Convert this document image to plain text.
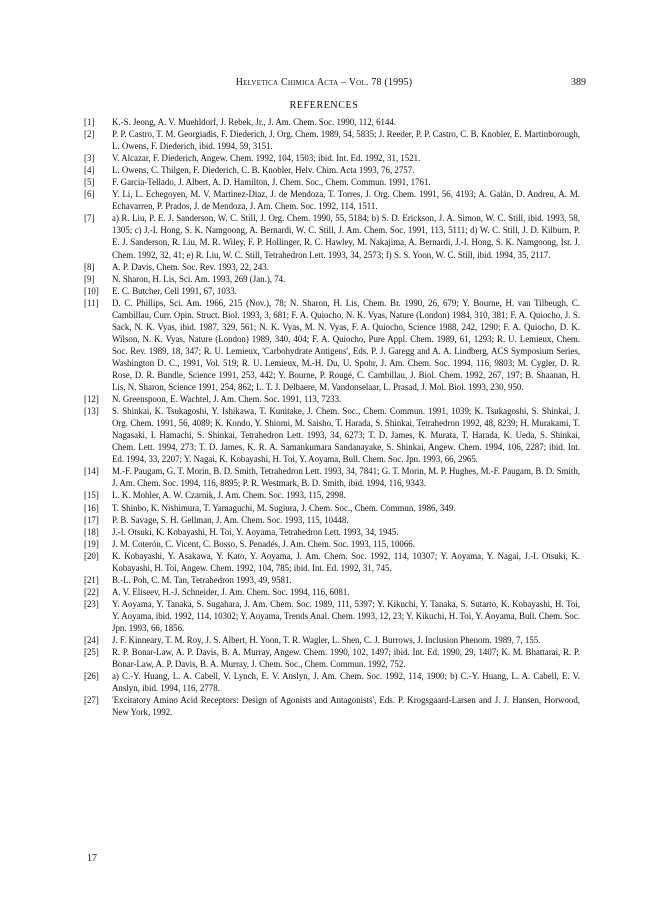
Helvetica Chimica Acta – Vol. 78 (1995)	389
REFERENCES
[1] K.-S. Jeong, A. V. Muehldorf, J. Rebek, Jr., J. Am. Chem. Soc. 1990, 112, 6144.
[2] P. P. Castro, T. M. Georgiadis, F. Diederich, J. Org. Chem. 1989, 54, 5835; J. Reeder, P. P. Castro, C. B. Knobler, E. Martinborough, L. Owens, F. Diederich, ibid. 1994, 59, 3151.
[3] V. Alcazar, F. Diederich, Angew. Chem. 1992, 104, 1503; ibid. Int. Ed. 1992, 31, 1521.
[4] L. Owens, C. Thilgen, F. Diederich, C. B. Knobler, Helv. Chim. Acta 1993, 76, 2757.
[5] F. Garcia-Tellado, J. Albert, A. D. Hamilton, J. Chem. Soc., Chem. Commun. 1991, 1761.
[6] Y. Li, L. Echegoyen, M. V. Martinez-Diaz, J. de Mendoza, T. Torres, J. Org. Chem. 1991, 56, 4193; A. Galán, D. Andreu, A. M. Echavarren, P. Prados, J. de Mendoza, J. Am. Chem. Soc. 1992, 114, 1511.
[7] a) R. Liu, P. E. J. Sanderson, W. C. Still, J. Org. Chem. 1990, 55, 5184; b) S. D. Erickson, J. A. Simon, W. C. Still, ibid. 1993, 58, 1305; c) J.-I. Hong, S. K. Namgoong, A. Bernardi, W. C. Still, J. Am. Chem. Soc. 1991, 113, 5111; d) W. C. Still, J. D. Kilburn, P. E. J. Sanderson, R. Liu, M. R. Wiley, F. P. Hollinger, R. C. Hawley, M. Nakajima, A. Bernardi, J.-I. Hong, S. K. Namgoong, Isr. J. Chem. 1992, 32, 41; e) R. Liu, W. C. Still, Tetrahedron Lett. 1993, 34, 2573; f) S. S. Yoon, W. C. Still, ibid. 1994, 35, 2117.
[8] A. P. Davis, Chem. Soc. Rev. 1993, 22, 243.
[9] N. Sharon, H. Lis, Sci. Am. 1993, 269 (Jan.), 74.
[10] E. C. Butcher, Cell 1991, 67, 1033.
[11] D. C. Phillips, Sci. Am. 1966, 215 (Nov.), 78; N. Sharon, H. Lis, Chem. Br. 1990, 26, 679; Y. Bourne, H. van Tilbeugh, C. Cambillau, Curr. Opin. Struct. Biol. 1993, 3, 681; F. A. Quiocho, N. K. Vyas, Nature (London) 1984, 310, 381; F. A. Quiocho, J. S. Sack, N. K. Vyas, ibid. 1987, 329, 561; N. K. Vyas, M. N. Vyas, F. A. Quiocho, Science 1988, 242, 1290; F. A. Quiocho, D. K. Wilson, N. K. Vyas, Nature (London) 1989, 340, 404; F. A. Quiocho, Pure Appl. Chem. 1989, 61, 1293; R. U. Lemieux, Chem. Soc. Rev. 1989, 18, 347; R. U. Lemieux, 'Carbohydrate Antigens', Eds. P. J. Garegg and A. A. Lindberg, ACS Symposium Series, Washington D. C., 1991, Vol. 519; R. U. Lemieux, M.-H. Du, U. Spohr, J. Am. Chem. Soc. 1994, 116, 9803; M. Cygler, D. R. Rose, D. R. Bundle, Science 1991, 253, 442; Y. Bourne, P. Rougé, C. Cambillau, J. Biol. Chem. 1992, 267, 197; B. Shaanan, H. Lis, N. Sharon, Science 1991, 254, 862; L. T. J. Delbaere, M. Vandonselaar, L. Prasad, J. Mol. Biol. 1993, 230, 950.
[12] N. Greenspoon, E. Wachtel, J. Am. Chem. Soc. 1991, 113, 7233.
[13] S. Shinkai, K. Tsukagoshi, Y. Ishikawa, T. Kunitake, J. Chem. Soc., Chem. Commun. 1991, 1039; K. Tsukagoshi, S. Shinkai, J. Org. Chem. 1991, 56, 4089; K. Kondo, Y. Shiomi, M. Saisho, T. Harada, S. Shinkai, Tetrahedron 1992, 48, 8239; H. Murakami, T. Nagasaki, I. Hamachi, S. Shinkai, Tetrahedron Lett. 1993, 34, 6273; T. D. James, K. Murata, T. Harada, K. Ueda, S. Shinkai, Chem. Lett. 1994, 273; T. D. James, K. R. A. Samankumara Sandanayake, S. Shinkai, Angew. Chem. 1994, 106, 2287; ibid. Int. Ed. 1994, 33, 2207; Y. Nagai, K. Kobayashi, H. Toi, Y. Aoyama, Bull. Chem. Soc. Jpn. 1993, 66, 2965.
[14] M.-F. Paugam, G. T. Morin, B. D. Smith, Tetrahedron Lett. 1993, 34, 7841; G. T. Morin, M. P. Hughes, M.-F. Paugam, B. D. Smith, J. Am. Chem. Soc. 1994, 116, 8895; P. R. Westmark, B. D. Smith, ibid. 1994, 116, 9343.
[15] L. K. Mohler, A. W. Czarnik, J. Am. Chem. Soc. 1993, 115, 2998.
[16] T. Shinbo, K. Nishimura, T. Yamaguchi, M. Sugiura, J. Chem. Soc., Chem. Commun. 1986, 349.
[17] P. B. Savage, S. H. Gellman, J. Am. Chem. Soc. 1993, 115, 10448.
[18] J.-I. Otsuki, K. Kobayashi, H. Toi, Y. Aoyama, Tetrahedron Lett. 1993, 34, 1945.
[19] J. M. Coterón, C. Vicent, C. Bosso, S. Penadés, J. Am. Chem. Soc. 1993, 115, 10066.
[20] K. Kobayashi, Y. Asakawa, Y. Kato, Y. Aoyama, J. Am. Chem. Soc. 1992, 114, 10307; Y. Aoyama, Y. Nagai, J.-I. Otsuki, K. Kobayashi, H. Toi, Angew. Chem. 1992, 104, 785; ibid. Int. Ed. 1992, 31, 745.
[21] B.-L. Poh, C. M. Tan, Tetrahedron 1993, 49, 9581.
[22] A. V. Eliseev, H.-J. Schneider, J. Am. Chem. Soc. 1994, 116, 6081.
[23] Y. Aoyama, Y. Tanaka, S. Sugahara, J. Am. Chem. Soc. 1989, 111, 5397; Y. Kikuchi, Y. Tanaka, S. Sutarto, K. Kobayashi, H. Toi, Y. Aoyama, ibid. 1992, 114, 10302; Y. Aoyama, Trends Anal. Chem. 1993, 12, 23; Y. Kikuchi, H. Toi, Y. Aoyama, Bull. Chem. Soc. Jpn. 1993, 66, 1856.
[24] J. F. Kinneary, T. M. Roy, J. S. Albert, H. Yoon, T. R. Wagler, L. Shen, C. J. Burrows, J. Inclusion Phenom. 1989, 7, 155.
[25] R. P. Bonar-Law, A. P. Davis, B. A. Murray, Angew. Chem. 1990, 102, 1497; ibid. Int. Ed. 1990, 29, 1407; K. M. Bhattarai, R. P. Bonar-Law, A. P. Davis, B. A. Murray, J. Chem. Soc., Chem. Commun. 1992, 752.
[26] a) C.-Y. Huang, L. A. Cabell, V. Lynch, E. V. Anslyn, J. Am. Chem. Soc. 1992, 114, 1900; b) C.-Y. Huang, L. A. Cabell, E. V. Anslyn, ibid. 1994, 116, 2778.
[27] 'Excitatory Amino Acid Receptors: Design of Agonists and Antagonists', Eds. P. Krogsgaard-Larsen and J. J. Hansen, Horwood, New York, 1992.
17
